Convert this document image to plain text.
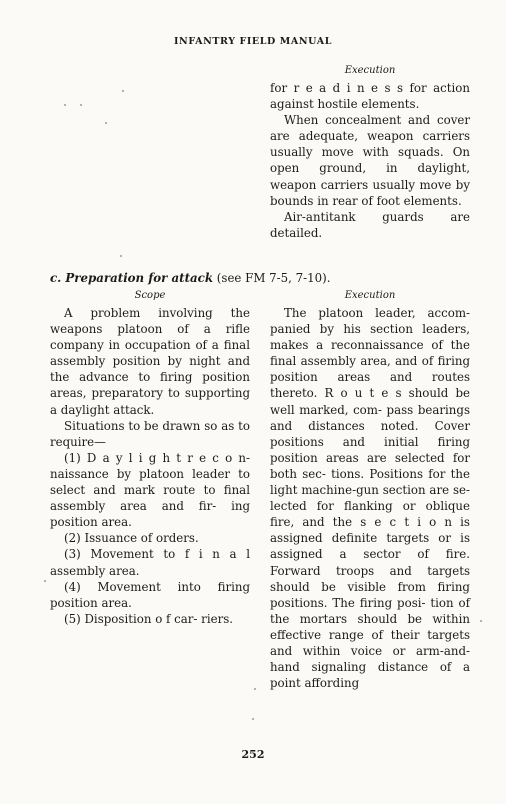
INFANTRY FIELD MANUAL
Execution

for r e a d i n e s s for action against hostile elements.

When concealment and cover are adequate, weapon carriers usually move with squads. On open ground, in daylight, weapon carriers usually move by bounds in rear of foot elements.

Air-antitank guards are detailed.

c. Preparation for attack (see FM 7-5, 7-10).
Scope

A problem involving the weapons platoon of a rifle company in occupation of a final assembly position by night and the advance to firing position areas, preparatory to supporting a daylight attack.

Situations to be drawn so as to require—

(1) D a y l i g h t r e c o n- naissance by platoon leader to select and mark route to final assembly area and fir- ing position area.

(2) Issuance of orders.

(3) Movement to f i n a l assembly area.

(4) Movement into firing position area.

(5) Disposition o f car- riers.

Execution

The platoon leader, accom- panied by his section leaders, makes a reconnaissance of the final assembly area, and of firing position areas and routes thereto. R o u t e s should be well marked, com- pass bearings and distances noted. Cover positions and initial firing position areas are selected for both sec- tions. Positions for the light machine-gun section are se- lected for flanking or oblique fire, and the s e c t i o n is assigned definite targets or is assigned a sector of fire. Forward troops and targets should be visible from firing positions. The firing posi- tion of the mortars should be within effective range of their targets and within voice or arm-and-hand signaling distance of a point affording

252
